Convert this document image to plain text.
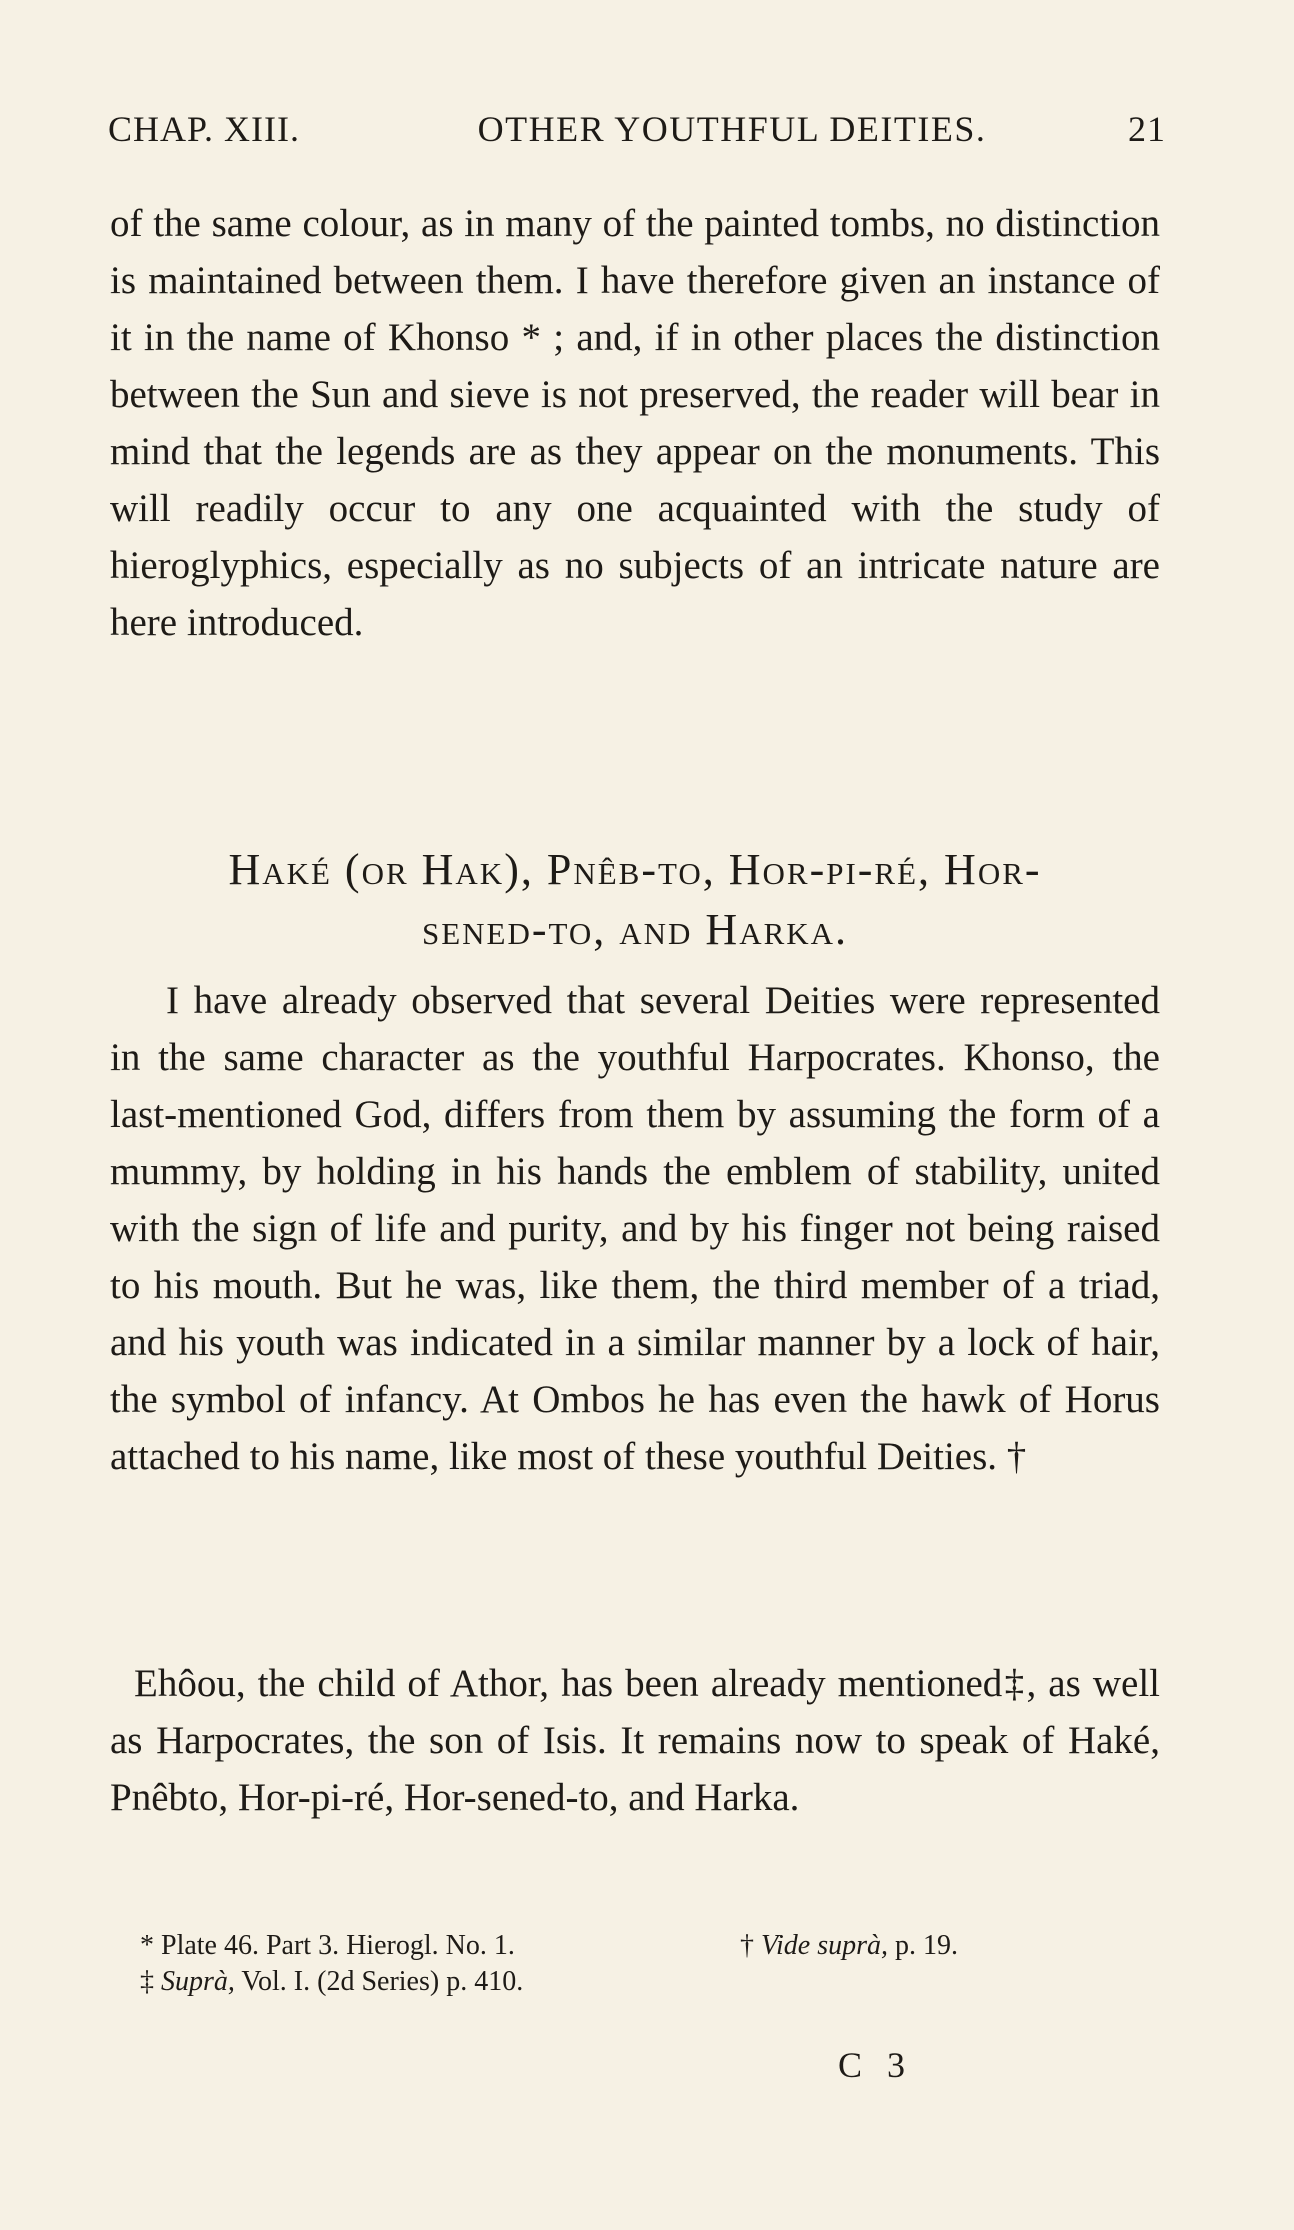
CHAP. XIII.	OTHER YOUTHFUL DEITIES.	21

of the same colour, as in many of the painted tombs, no distinction is maintained between them. I have therefore given an instance of it in the name of Khonso * ; and, if in other places the distinction between the Sun and sieve is not preserved, the reader will bear in mind that the legends are as they appear on the monuments. This will readily occur to any one acquainted with the study of hieroglyphics, especially as no subjects of an intricate nature are here introduced.

Haké (or Hak), Pnêb-to, Hor-pi-ré, Hor-
sened-to, and Harka.

I have already observed that several Deities were represented in the same character as the youthful Harpocrates. Khonso, the last-mentioned God, differs from them by assuming the form of a mummy, by holding in his hands the emblem of stability, united with the sign of life and purity, and by his finger not being raised to his mouth. But he was, like them, the third member of a triad, and his youth was indicated in a similar manner by a lock of hair, the symbol of infancy. At Ombos he has even the hawk of Horus attached to his name, like most of these youthful Deities. †

Ehôou, the child of Athor, has been already mentioned‡, as well as Harpocrates, the son of Isis. It remains now to speak of Haké, Pnêbto, Hor-pi-ré, Hor-sened-to, and Harka.

* Plate 46. Part 3. Hierogl. No. 1.	† Vide suprà, p. 19.
‡ Suprà, Vol. I. (2d Series) p. 410.
C 3
